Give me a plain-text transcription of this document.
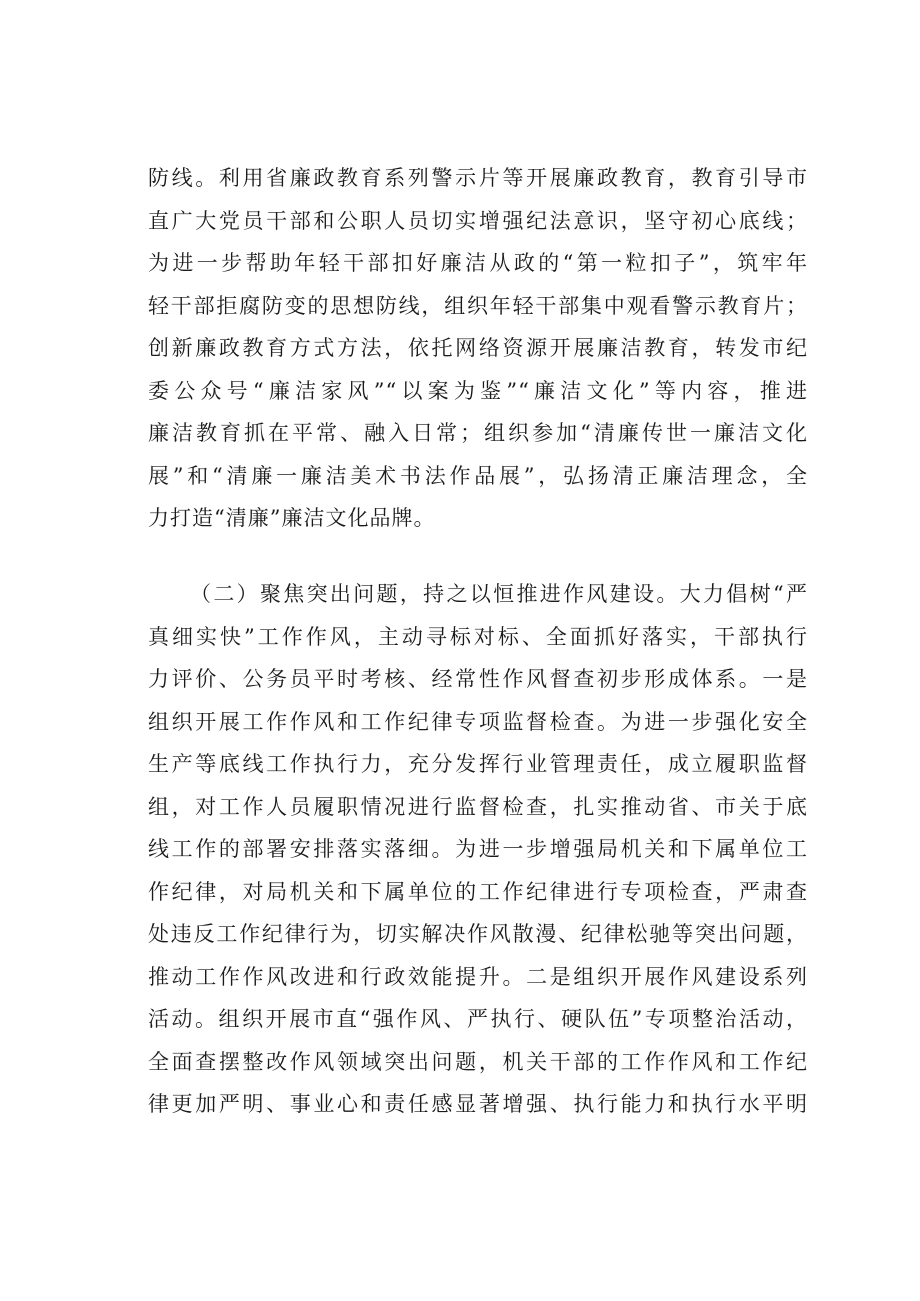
防线。利用省廉政教育系列警示片等开展廉政教育，教育引导市
直广大党员干部和公职人员切实增强纪法意识，坚守初心底线；
为进一步帮助年轻干部扣好廉洁从政的“第一粒扣子”，筑牢年
轻干部拒腐防变的思想防线，组织年轻干部集中观看警示教育片；
创新廉政教育方式方法，依托网络资源开展廉洁教育，转发市纪
委公众号“廉洁家风”“以案为鉴”“廉洁文化”等内容，推进
廉洁教育抓在平常、融入日常；组织参加“清廉传世一廉洁文化
展”和“清廉一廉洁美术书法作品展”，弘扬清正廉洁理念，全
力打造“清廉”廉洁文化品牌。
（二）聚焦突出问题，持之以恒推进作风建设。大力倡树“严
真细实快”工作作风，主动寻标对标、全面抓好落实，干部执行
力评价、公务员平时考核、经常性作风督查初步形成体系。一是
组织开展工作作风和工作纪律专项监督检查。为进一步强化安全
生产等底线工作执行力，充分发挥行业管理责任，成立履职监督
组，对工作人员履职情况进行监督检查，扎实推动省、市关于底
线工作的部署安排落实落细。为进一步增强局机关和下属单位工
作纪律，对局机关和下属单位的工作纪律进行专项检查，严肃查
处违反工作纪律行为，切实解决作风散漫、纪律松驰等突出问题，
推动工作作风改进和行政效能提升。二是组织开展作风建设系列
活动。组织开展市直“强作风、严执行、硬队伍”专项整治活动，
全面查摆整改作风领域突出问题，机关干部的工作作风和工作纪
律更加严明、事业心和责任感显著增强、执行能力和执行水平明
